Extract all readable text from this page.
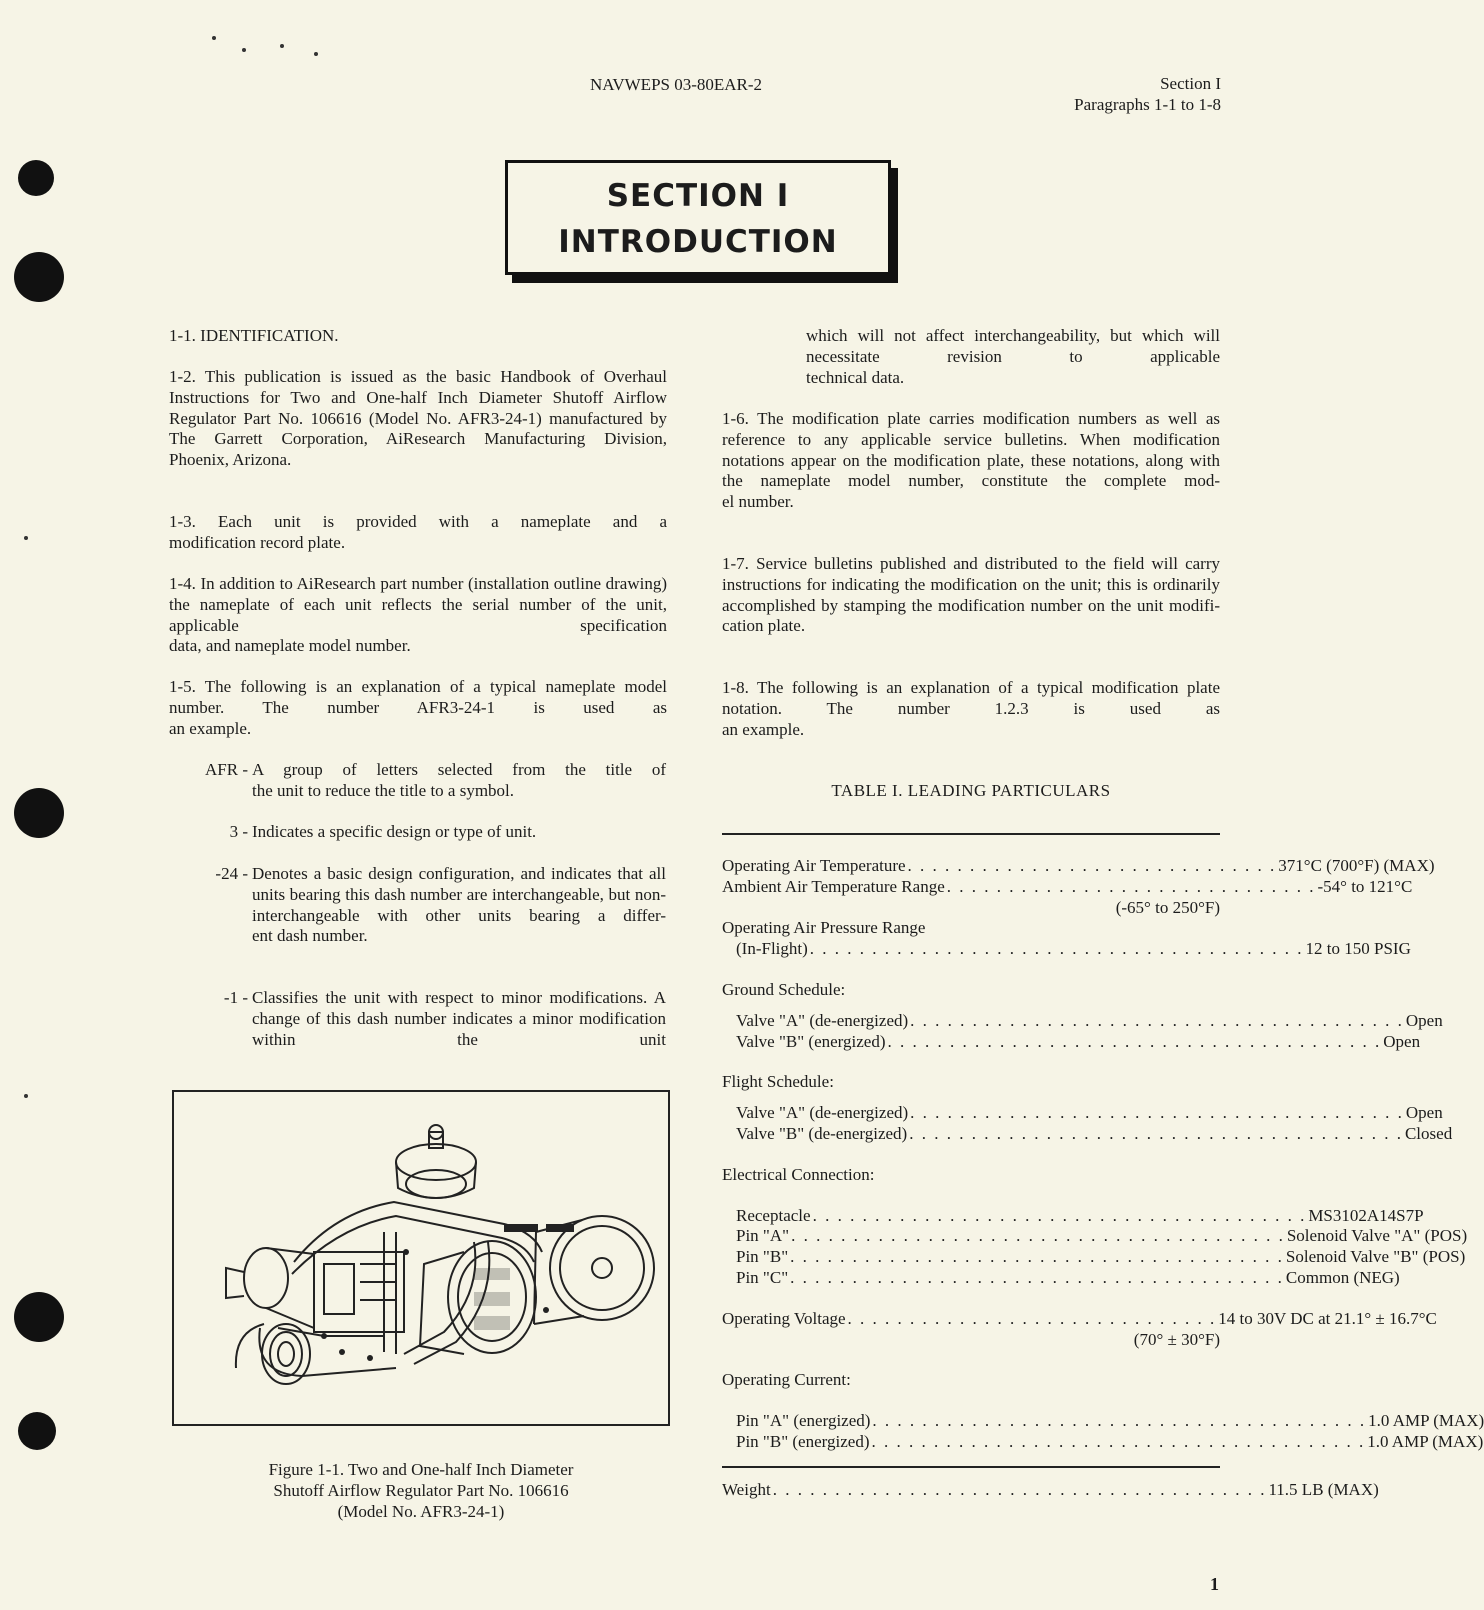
NAVWEPS 03-80EAR-2	Section I
Paragraphs 1-1 to 1-8
SECTION I
INTRODUCTION
1-1. IDENTIFICATION.

1-2. This publication is issued as the basic Handbook of Overhaul Instructions for Two and One-half Inch Diameter Shutoff Airflow Regulator Part No. 106616 (Model No. AFR3-24-1) manufactured by The Garrett Corporation, AiResearch Manufacturing Division,
Phoenix, Arizona.

1-3. Each unit is provided with a nameplate and a
modification record plate.

1-4. In addition to AiResearch part number (installation outline drawing) the nameplate of each unit reflects the serial number of the unit, applicable specification
data, and nameplate model number.

1-5. The following is an explanation of a typical nameplate model number. The number AFR3-24-1 is used as
an example.

AFR - A group of letters selected from the title of
the unit to reduce the title to a symbol.
3 - Indicates a specific design or type of unit.
-24 - Denotes a basic design configuration, and indicates that all units bearing this dash number are interchangeable, but non-interchangeable with other units bearing a differ-
ent dash number.
-1 - Classifies the unit with respect to minor modifications. A change of this dash number indicates a minor modification within the unit
Figure 1-1. Two and One-half Inch Diameter
Shutoff Airflow Regulator Part No. 106616
(Model No. AFR3-24-1)

which will not affect interchangeability, but which will necessitate revision to applicable
technical data.

1-6. The modification plate carries modification numbers as well as reference to any applicable service bulletins. When modification notations appear on the modification plate, these notations, along with the nameplate model number, constitute the complete mod-
el number.

1-7. Service bulletins published and distributed to the field will carry instructions for indicating the modification on the unit; this is ordinarily accomplished by stamping the modification number on the unit modifi-
cation plate.

1-8. The following is an explanation of a typical modification plate notation. The number 1.2.3 is used as
an example.

TABLE I. LEADING PARTICULARS
Operating Air Temperature . . . . . . . . . . . . . . . . . . . . . . . . . . . . . . 371°C (700°F) (MAX)
Ambient Air Temperature Range . . . . . . . . . . . . . . . . . . . . . . . . . . . . . . -54° to 121°C
(-65° to 250°F)
Operating Air Pressure Range
(In-Flight) . . . . . . . . . . . . . . . . . . . . . . . . . . . . . . . . . . . . . . . . 12 to 150 PSIG
Ground Schedule:
Valve "A" (de-energized) . . . . . . . . . . . . . . . . . . . . . . . . . . . . . . . . . . . . . . . . Open
Valve "B" (energized) . . . . . . . . . . . . . . . . . . . . . . . . . . . . . . . . . . . . . . . . Open
Flight Schedule:
Valve "A" (de-energized) . . . . . . . . . . . . . . . . . . . . . . . . . . . . . . . . . . . . . . . . Open
Valve "B" (de-energized) . . . . . . . . . . . . . . . . . . . . . . . . . . . . . . . . . . . . . . . . Closed
Electrical Connection:
Receptacle . . . . . . . . . . . . . . . . . . . . . . . . . . . . . . . . . . . . . . . . MS3102A14S7P
Pin "A" . . . . . . . . . . . . . . . . . . . . . . . . . . . . . . . . . . . . . . . . Solenoid Valve "A" (POS)
Pin "B" . . . . . . . . . . . . . . . . . . . . . . . . . . . . . . . . . . . . . . . . Solenoid Valve "B" (POS)
Pin "C" . . . . . . . . . . . . . . . . . . . . . . . . . . . . . . . . . . . . . . . . Common (NEG)
Operating Voltage . . . . . . . . . . . . . . . . . . . . . . . . . . . . . . 14 to 30V DC at 21.1° ± 16.7°C
(70° ± 30°F)
Operating Current:
Pin "A" (energized) . . . . . . . . . . . . . . . . . . . . . . . . . . . . . . . . . . . . . . . . 1.0 AMP (MAX)
Pin "B" (energized) . . . . . . . . . . . . . . . . . . . . . . . . . . . . . . . . . . . . . . . . 1.0 AMP (MAX)
Weight . . . . . . . . . . . . . . . . . . . . . . . . . . . . . . . . . . . . . . . . 11.5 LB (MAX)
1
